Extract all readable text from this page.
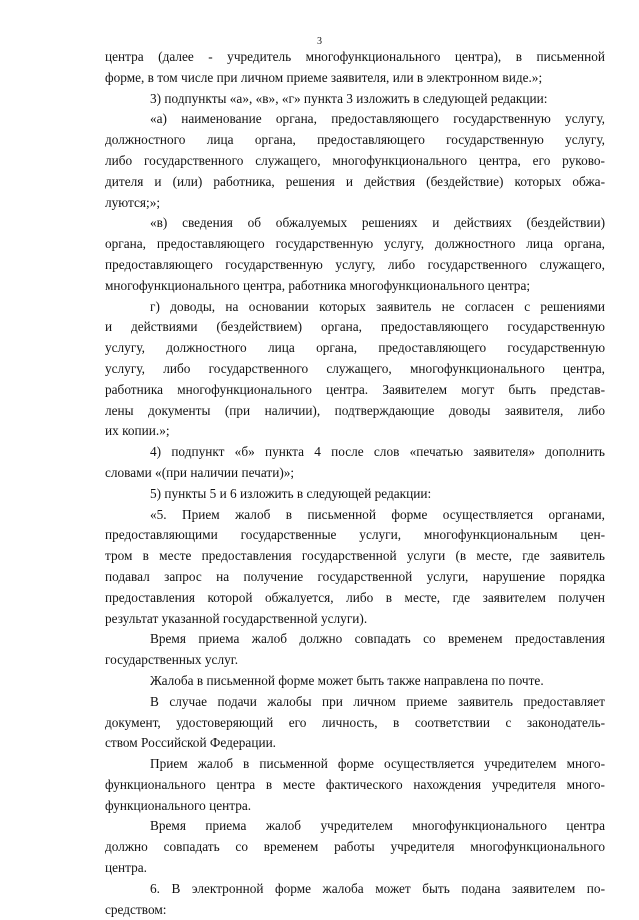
3
центра (далее - учредитель многофункционального центра), в письменной
форме, в том числе при личном приеме заявителя, или в электронном виде.»;
3) подпункты «а», «в», «г» пункта 3 изложить в следующей редакции:
«а) наименование органа, предоставляющего государственную услугу,
должностного лица органа, предоставляющего государственную услугу,
либо государственного служащего, многофункционального центра, его руково-
дителя и (или) работника, решения и действия (бездействие) которых обжа-
луются;»;
«в) сведения об обжалуемых решениях и действиях (бездействии)
органа, предоставляющего государственную услугу, должностного лица органа,
предоставляющего государственную услугу, либо государственного служащего,
многофункционального центра, работника многофункционального центра;
г) доводы, на основании которых заявитель не согласен с решениями
и действиями (бездействием) органа, предоставляющего государственную
услугу, должностного лица органа, предоставляющего государственную
услугу, либо государственного служащего, многофункционального центра,
работника многофункционального центра. Заявителем могут быть представ-
лены документы (при наличии), подтверждающие доводы заявителя, либо
их копии.»;
4) подпункт «б» пункта 4 после слов «печатью заявителя» дополнить
словами «(при наличии печати)»;
5) пункты 5 и 6 изложить в следующей редакции:
«5. Прием жалоб в письменной форме осуществляется органами,
предоставляющими государственные услуги, многофункциональным цен-
тром в месте предоставления государственной услуги (в месте, где заявитель
подавал запрос на получение государственной услуги, нарушение порядка
предоставления которой обжалуется, либо в месте, где заявителем получен
результат указанной государственной услуги).
Время приема жалоб должно совпадать со временем предоставления
государственных услуг.
Жалоба в письменной форме может быть также направлена по почте.
В случае подачи жалобы при личном приеме заявитель предоставляет
документ, удостоверяющий его личность, в соответствии с законодатель-
ством Российской Федерации.
Прием жалоб в письменной форме осуществляется учредителем много-
функционального центра в месте фактического нахождения учредителя много-
функционального центра.
Время приема жалоб учредителем многофункционального центра
должно совпадать со временем работы учредителя многофункционального
центра.
6. В электронной форме жалоба может быть подана заявителем по-
средством:
